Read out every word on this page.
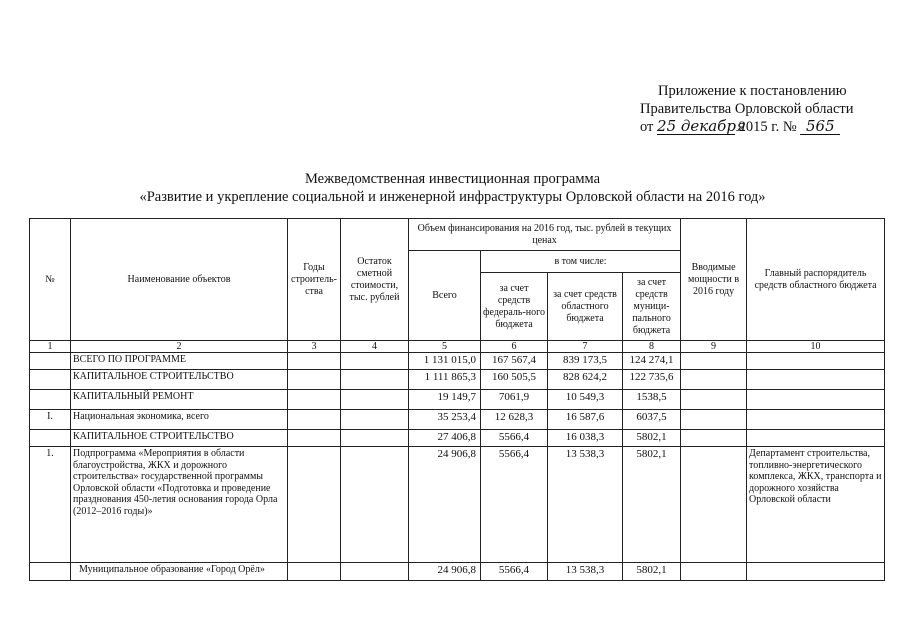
Приложение к постановлению
Правительства Орловской области
от 25 декабря 2015 г. № 565
Межведомственная инвестиционная программа
«Развитие и укрепление социальной и инженерной инфраструктуры Орловской области на 2016 год»
№	Наименование объектов	Годы строитель-ства	Остаток сметной стоимости, тыс. рублей	Объем финансирования на 2016 год, тыс. рублей в текущих ценах				Вводимые мощности в 2016 году	Главный распорядитель средств областного бюджета
				Всего	в том числе:				
					за счет средств федераль-ного бюджета	за счет средств областного бюджета	за счет средств муници-пального бюджета		
1	2	3	4	5	6	7	8	9	10
	ВСЕГО ПО ПРОГРАММЕ			1 131 015,0	167 567,4	839 173,5	124 274,1		
	КАПИТАЛЬНОЕ СТРОИТЕЛЬСТВО			1 111 865,3	160 505,5	828 624,2	122 735,6		
	КАПИТАЛЬНЫЙ РЕМОНТ			19 149,7	7061,9	10 549,3	1538,5		
I.	Национальная экономика, всего			35 253,4	12 628,3	16 587,6	6037,5		
	КАПИТАЛЬНОЕ СТРОИТЕЛЬСТВО			27 406,8	5566,4	16 038,3	5802,1		
1.	Подпрограмма «Мероприятия в области благоустройства, ЖКХ и дорожного строительства» государственной программы Орловской области «Подготовка и проведение празднования 450-летия основания города Орла (2012–2016 годы)»			24 906,8	5566,4	13 538,3	5802,1		Департамент строительства, топливно-энергетического комплекса, ЖКХ, транспорта и дорожного хозяйства Орловской области
	Муниципальное образование «Город Орёл»			24 906,8	5566,4	13 538,3	5802,1		
